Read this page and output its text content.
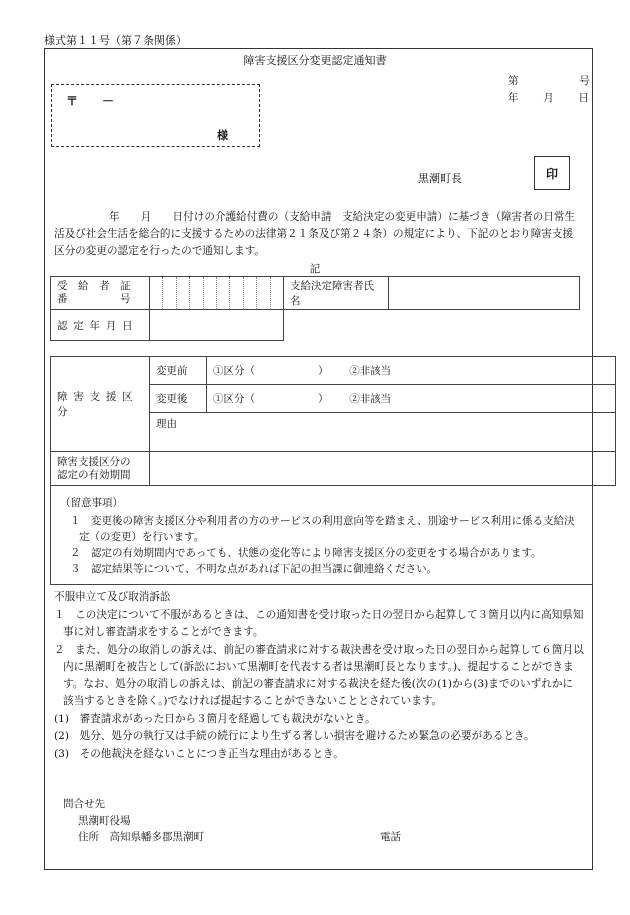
様式第１１号（第７条関係）
障害支援区分変更認定通知書
第	号
年 月 日
〒　　－
様
黒潮町長	印
年　　月　　日付けの介護給付費の（支給申請　支給決定の変更申請）に基づき（障害者の日常生
活及び社会生活を総合的に支援するための法律第２１条及び第２４条）の規定により、下記のとおり障害支援
区分の変更の認定を行ったので通知します。
記
受　給　者　証
番　　　　　号		支給決定障害者氏名	
認定年月日			
障害支援区分	変更前	①区分（　　　　　　） ②非該当
	変更後	①区分（　　　　　　） ②非該当
	理由	

障害支援区分の
認定の有効期間		

（留意事項）
１　変更後の障害支援区分や利用者の方のサービスの利用意向等を踏まえ、別途サービス利用に係る支給決
定（の変更）を行います。
２　認定の有効期間内であっても、状態の変化等により障害支援区分の変更をする場合があります。
３　認定結果等について、不明な点があれば下記の担当課に御連絡ください。
不服申立て及び取消訴訟
１　この決定について不服があるときは、この通知書を受け取った日の翌日から起算して３箇月以内に高知県知
事に対し審査請求をすることができます。
２　また、処分の取消しの訴えは、前記の審査請求に対する裁決書を受け取った日の翌日から起算して６箇月以
内に黒潮町を被告として(訴訟において黒潮町を代表する者は黒潮町長となります。)、提起することができま
す。なお、処分の取消しの訴えは、前記の審査請求に対する裁決を経た後(次の(1)から(3)までのいずれかに
該当するときを除く。)でなければ提起することができないこととされています。
(1)　審査請求があった日から３箇月を経過しても裁決がないとき。
(2)　処分、処分の執行又は手続の続行により生ずる著しい損害を避けるため緊急の必要があるとき。
(3)　その他裁決を経ないことにつき正当な理由があるとき。
問合せ先
黒潮町役場
住所　高知県幡多郡黒潮町	電話
